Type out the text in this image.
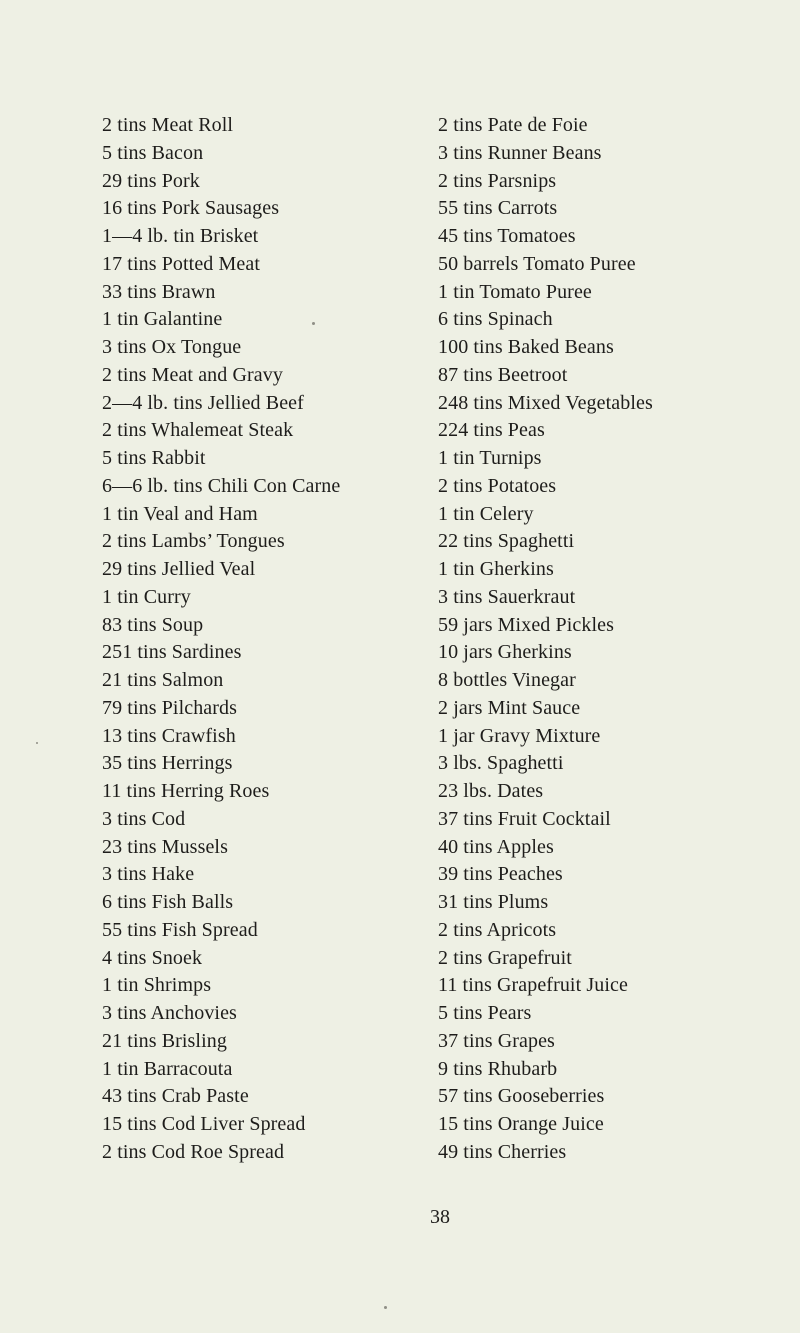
2 tins Meat Roll
5 tins Bacon
29 tins Pork
16 tins Pork Sausages
1—4 lb. tin Brisket
17 tins Potted Meat
33 tins Brawn
1 tin Galantine
3 tins Ox Tongue
2 tins Meat and Gravy
2—4 lb. tins Jellied Beef
2 tins Whalemeat Steak
5 tins Rabbit
6—6 lb. tins Chili Con Carne
1 tin Veal and Ham
2 tins Lambs’ Tongues
29 tins Jellied Veal
1 tin Curry
83 tins Soup
251 tins Sardines
21 tins Salmon
79 tins Pilchards
13 tins Crawfish
35 tins Herrings
11 tins Herring Roes
3 tins Cod
23 tins Mussels
3 tins Hake
6 tins Fish Balls
55 tins Fish Spread
4 tins Snoek
1 tin Shrimps
3 tins Anchovies
21 tins Brisling
1 tin Barracouta
43 tins Crab Paste
15 tins Cod Liver Spread
2 tins Cod Roe Spread
2 tins Pate de Foie
3 tins Runner Beans
2 tins Parsnips
55 tins Carrots
45 tins Tomatoes
50 barrels Tomato Puree
1 tin Tomato Puree
6 tins Spinach
100 tins Baked Beans
87 tins Beetroot
248 tins Mixed Vegetables
224 tins Peas
1 tin Turnips
2 tins Potatoes
1 tin Celery
22 tins Spaghetti
1 tin Gherkins
3 tins Sauerkraut
59 jars Mixed Pickles
10 jars Gherkins
8 bottles Vinegar
2 jars Mint Sauce
1 jar Gravy Mixture
3 lbs. Spaghetti
23 lbs. Dates
37 tins Fruit Cocktail
40 tins Apples
39 tins Peaches
31 tins Plums
2 tins Apricots
2 tins Grapefruit
11 tins Grapefruit Juice
5 tins Pears
37 tins Grapes
9 tins Rhubarb
57 tins Gooseberries
15 tins Orange Juice
49 tins Cherries
38
